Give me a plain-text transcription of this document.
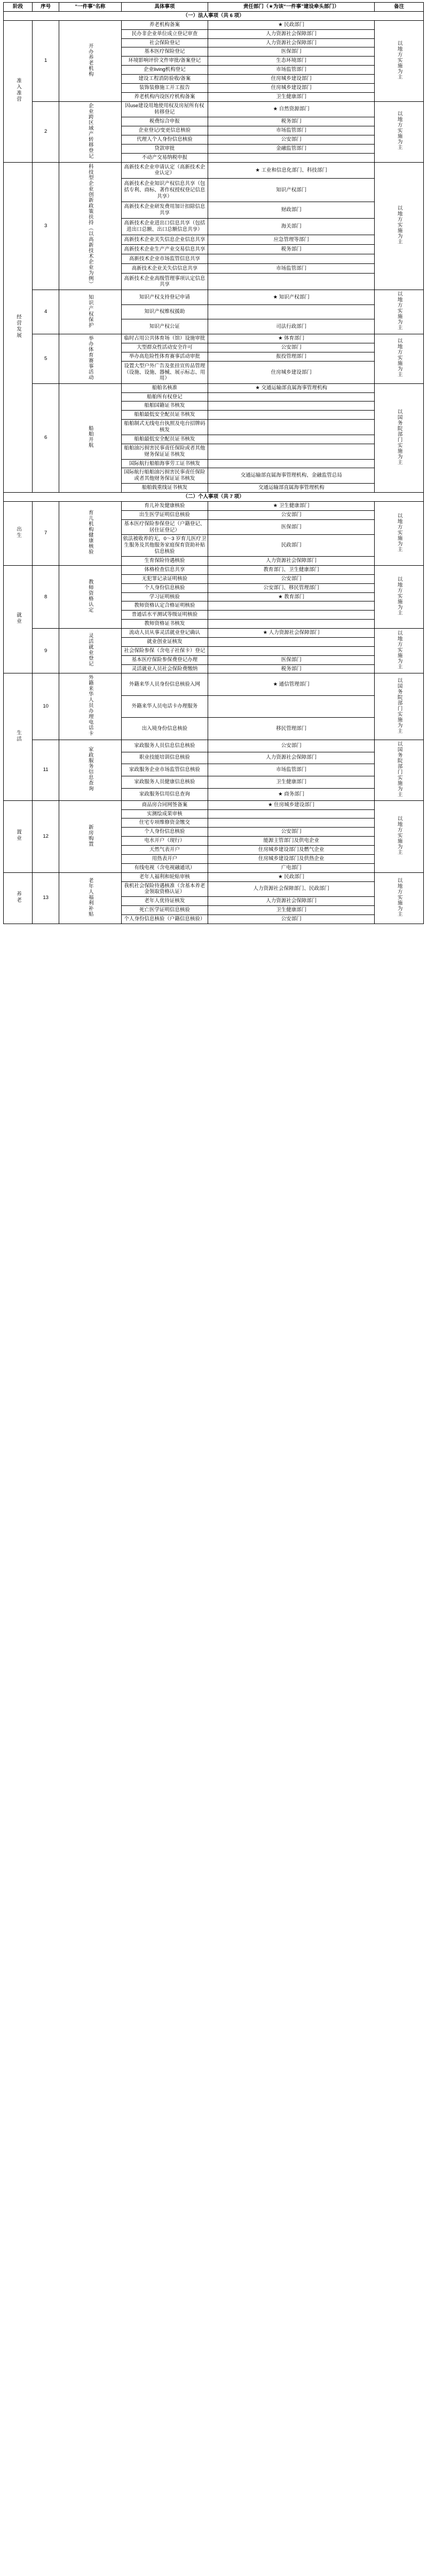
阶段	序号	“一件事”名称	具体事项	责任部门（★为该“一件事”建设牵头部门）	备注
（一）法人事项（共 6 项）					
准入准营	1	开办养老机构	养老机构备案	★ 民政部门	以地方实施为主
			民办非企业单位成立登记审查	人力资源社会保障部门	
			社会保险登记	人力资源社会保障部门	
			基本医疗保险登记	医保部门	
			环境影响评价文件审批/备案登记	生态环境部门	
			企业living机构登记	市场监管部门	
			建设工程消防验收/备案	住房城乡建设部门	
			装饰装修施工开工报告	住房城乡建设部门	
			养老机构内设医疗机构备案	卫生健康部门	
	2	企业跨区域产转移登记	因use建设用地使用权及房屋所有权转移登记	★ 自然资源部门	以地方实施为主
			税费综合申报	税务部门	
			企业登记/变更信息核验	市场监管部门	
			代理人个人身份信息核验	公安部门	
			贷款审批	金融监管部门	
			不动产交易纳税申报		
经营发展	3	科技型企业创新政策扶持（以高新技术企业为例）	高新技术企业申请认定（高新技术企业认定）	★ 工业和信息化部门、科技部门	以地方实施为主
			高新技术企业知识产权信息共享（包括专利、商标、著作权授权登记信息共享）	知识产权部门	
			高新技术企业研发费用加计扣除信息共享	财政部门	
			高新技术企业进出口信息共享（包括进出口总额、出口总额信息共享）	海关部门	
			高新技术企业关失信息企业信息共享	应急管理等部门	
			高新技术企业生产产业交易信息共享	税务部门	
			高新技术企业市场监管信息共享		
			高新技术企业关失信信息共享	市场监管部门	
			高新技术企业高级管理事项认定信息共享		
	4	知识产权保护	知识产权支持登记申请	★ 知识产权部门	以地方实施为主
			知识产权维权援助		
			知识产权公证	司法行政部门	
	5	举办体育赛事活动	临时占用公共体育场（馆）设施审批	★ 体育部门	以地方实施为主
			大型群众性活动安全许可	公安部门	
			举办高危险性体育赛事活动审批	报投管理部门	
			设置大型户外广告及张挂宣传品管理（设施、设施、器械、展示标志、用用）	住房城乡建设部门	
	6	船舶开航	船舶名核准	★ 交通运输部直属海事管理机构	以国务院部门实施为主
			船舶所有权登记		
			船舶国籍证书核发		
			船舶最低安全配员证书核发		
			船舶制式无线电台执照及电台招牌码核发		
			船舶最低安全配员证书核发		
			船舶油污损害民事责任保险或者其他财务保证证书核发		
			国际航行船舶海事劳工证书核发		
			国际航行船舶油污损害民事责任保险或者其他财务保证证书核发	交通运输部直属海事管理机构、金融监管总局	
			船舶载重线证书核发	交通运输部直属海事管理机构	
（二）个人事项（共 7 项）					
出生	7	育儿机构健康核验	育儿补发健康核验	★ 卫生健康部门	以地方实施为主
			出生医学证明信息核验	公安部门	
			基本医疗保险参保登记（户籍登记、居住证登记）	医保部门	
			依法被收养的无，0～3 岁育儿医疗卫生服务及其他服务家庭保育资助补贴信息核验	民政部门	
			生育保险待遇核验	人力资源社会保障部门	
就业	8	教师资格认定	体格检查信息共享	教育部门、卫生健康部门	以地方实施为主
			无犯罪记录证明核验	公安部门	
			个人身份信息核验	公安部门、移民管理部门	
			学习证明核验	★ 教育部门	
			教师资格认定合格证明核验		
			普通话水平测试等级证明核验		
			教师资格证书核发		
	9	灵活就业登记	流动人员从事灵活就业登记确认	★ 人力资源社会保障部门	以地方实施为主
			就业创业证核发		
			社会保险参保（含电子社保卡）登记		
			基本医疗保险参保费登记办理	医保部门	
			灵活就业人员社会保险费缴纳	税务部门	
生活	10	外籍来华人员办理电话卡	外籍来华人员身份信息核验入网	★ 通信管理部门	以国务院部门实施为主
			外籍来华人员电话卡办理服务		
			出入境身份信息核验	移民管理部门	
	11	家政服务信息查询	家政服务人员信息信息核验	公安部门	以国务院部门实施为主
			职业技能培训信息核验	人力资源社会保障部门	
			家政服务企业市场监管信息核验	市场监管部门	
			家政服务人员健康信息核验	卫生健康部门	
			家政服务信用信息查询	★ 商务部门	
置业	12	新房购置	商品房合同网签备案	★ 住房城乡建设部门	以地方实施为主
			实测绘成果审核		
			住宅专项维修资金缴交		
			个人身份信息核验	公安部门	
			电水开户（现行）	能源主管部门及供电企业	
			天然气表开户	住房城乡建设部门及燃气企业	
			用热表开户	住房城乡建设部门及供热企业	
			有线电视（含电视融通讯）	广电部门	
养老	13	老年人福利补贴	老年人福利和轮贴审核	★ 民政部门	以地方实施为主
			我机社会保险待遇核准（含基本养老金领取资格认证）	人力资源社会保障部门、民政部门	
			老年人优待证核发	人力资源社会保障部门	
			死亡医学证明信息核验	卫生健康部门	
			个人身份信息核验（户籍信息核验）	公安部门	
